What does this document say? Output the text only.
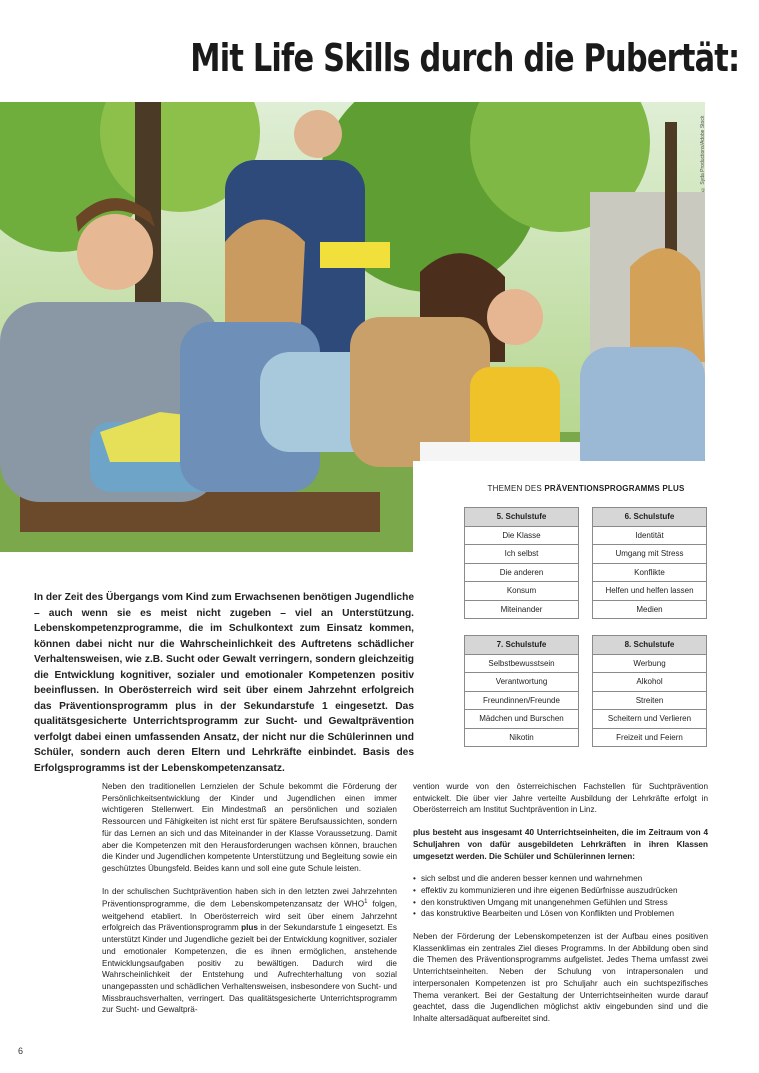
Mit Life Skills durch die Pubertät:
© Syda Productions/Adobe Stock
THEMEN DES PRÄVENTIONSPROGRAMMS PLUS
5. Schulstufe
Die Klasse
Ich selbst
Die anderen
Konsum
Miteinander
6. Schulstufe
Identität
Umgang mit Stress
Konflikte
Helfen und helfen lassen
Medien
7. Schulstufe
Selbstbewusstsein
Verantwortung
Freundinnen/Freunde
Mädchen und Burschen
Nikotin
8. Schulstufe
Werbung
Alkohol
Streiten
Scheitern und Verlieren
Freizeit und Feiern
In der Zeit des Übergangs vom Kind zum Erwachsenen benötigen Jugendliche – auch wenn sie es meist nicht zugeben – viel an Unterstützung. Lebenskompetenzprogramme, die im Schulkontext zum Einsatz kommen, können dabei nicht nur die Wahrscheinlichkeit des Auftretens schädlicher Verhaltensweisen, wie z.B. Sucht oder Gewalt verringern, sondern gleichzeitig die Entwicklung kognitiver, sozialer und emotionaler Kompetenzen positiv beeinflussen. In Oberösterreich wird seit über einem Jahrzehnt erfolgreich das Präventionsprogramm plus in der Sekundarstufe 1 eingesetzt. Das qualitätsgesicherte Unterrichtsprogramm zur Sucht- und Gewaltprävention verfolgt dabei einen umfassenden Ansatz, der nicht nur die Schülerinnen und Schüler, sondern auch deren Eltern und Lehrkräfte einbindet. Basis des Erfolgsprogramms ist der Lebenskompetenzansatz.

Neben den traditionellen Lernzielen der Schule bekommt die Förderung der Persönlichkeitsentwicklung der Kinder und Jugendlichen einen immer wichtigeren Stellenwert. Ein Mindestmaß an persönlichen und sozialen Ressourcen und Fähigkeiten ist nicht erst für spätere Berufsaussichten, sondern für das Lernen an sich und das Miteinander in der Klasse Voraussetzung. Damit aber die Kompetenzen mit den Herausforderungen wachsen können, brauchen die Kinder und Jugendlichen kompetente Unterstützung und Begleitung sowie ein geschütztes Übungsfeld. Beides kann und soll eine gute Schule leisten.

In der schulischen Suchtprävention haben sich in den letzten zwei Jahrzehnten Präventionsprogramme, die dem Lebenskompetenzansatz der WHO$^1$ folgen, weitgehend etabliert. In Oberösterreich wird seit über einem Jahrzehnt erfolgreich das Präventionsprogramm plus in der Sekundarstufe 1 eingesetzt. Es unterstützt Kinder und Jugendliche gezielt bei der Entwicklung kognitiver, sozialer und emotionaler Kompetenzen, die es ihnen ermöglichen, anstehende Entwicklungsaufgaben positiv zu bewältigen. Dadurch wird die Wahrscheinlichkeit der Entstehung und Aufrechterhaltung von sozial unangepassten und schädlichen Verhaltensweisen, insbesondere von Sucht- und Missbrauchsverhalten, verringert. Das qualitätsgesicherte Unterrichtsprogramm zur Sucht- und Gewaltprä-

vention wurde von den österreichischen Fachstellen für Suchtprävention entwickelt. Die über vier Jahre verteilte Ausbildung der Lehrkräfte erfolgt in Oberösterreich am Institut Suchtprävention in Linz.

plus besteht aus insgesamt 40 Unterrichtseinheiten, die im Zeitraum von 4 Schuljahren von dafür ausgebildeten Lehrkräften in ihren Klassen umgesetzt werden. Die Schüler und Schülerinnen lernen:

• sich selbst und die anderen besser kennen und wahrnehmen
• effektiv zu kommunizieren und ihre eigenen Bedürfnisse auszudrücken
• den konstruktiven Umgang mit unangenehmen Gefühlen und Stress
• das konstruktive Bearbeiten und Lösen von Konflikten und Problemen

Neben der Förderung der Lebenskompetenzen ist der Aufbau eines positiven Klassenklimas ein zentrales Ziel dieses Programms. In der Abbildung oben sind die Themen des Präventionsprogramms aufgelistet. Jedes Thema umfasst zwei Unterrichtseinheiten. Neben der Schulung von intrapersonalen und interpersonalen Kompetenzen ist pro Schuljahr auch ein suchtspezifisches Thema verankert. Bei der Gestaltung der Unterrichtseinheiten wurde darauf geachtet, dass die Jugendlichen möglichst aktiv eingebunden sind und die Inhalte altersadäquat aufbereitet sind.

6
